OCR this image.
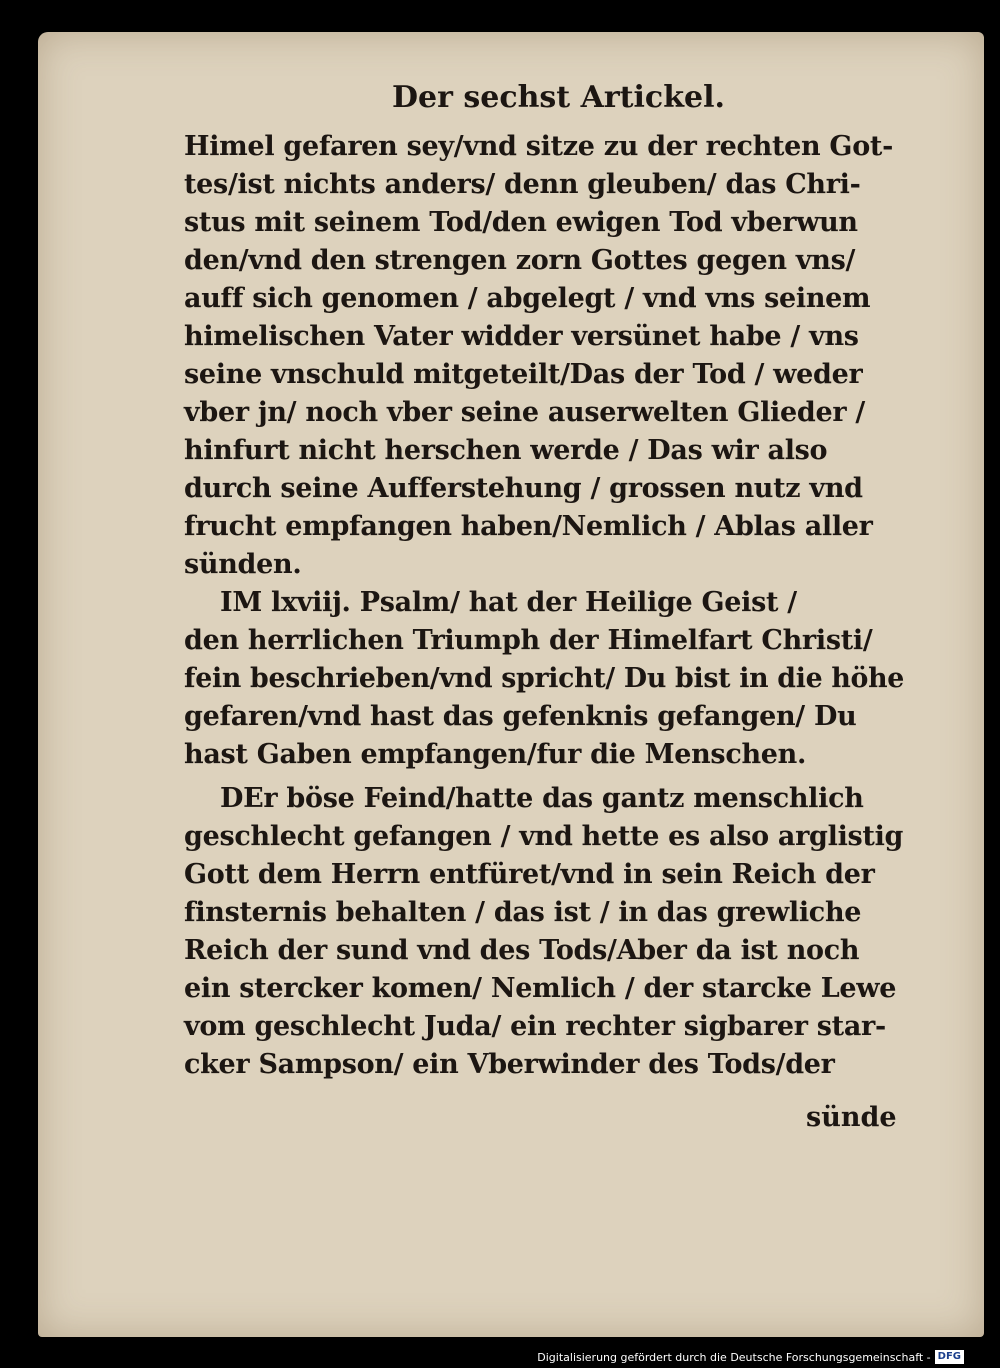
Der sechst Artickel.
Himel gefaren sey/vnd sitze zu der rechten Got-
tes/ist nichts anders/ denn gleuben/ das Chri-
stus mit seinem Tod/den ewigen Tod vberwun
den/vnd den strengen zorn Gottes gegen vns/
auff sich genomen / abgelegt / vnd vns seinem
himelischen Vater widder versünet habe / vns
seine vnschuld mitgeteilt/Das der Tod / weder
vber jn/ noch vber seine auserwelten Glieder /
hinfurt nicht herschen werde / Das wir also
durch seine Aufferstehung / grossen nutz vnd
frucht empfangen haben/Nemlich / Ablas aller
sünden.
IM lxviij. Psalm/ hat der Heilige Geist /
den herrlichen Triumph der Himelfart Christi/
fein beschrieben/vnd spricht/ Du bist in die höhe
gefaren/vnd hast das gefenknis gefangen/ Du
hast Gaben empfangen/fur die Menschen.
DEr böse Feind/hatte das gantz menschlich
geschlecht gefangen / vnd hette es also arglistig
Gott dem Herrn entfüret/vnd in sein Reich der
finsternis behalten / das ist / in das grewliche
Reich der sund vnd des Tods/Aber da ist noch
ein stercker komen/ Nemlich / der starcke Lewe
vom geschlecht Juda/ ein rechter sigbarer star-
cker Sampson/ ein Vberwinder des Tods/der
sünde
Digitalisierung gefördert durch die Deutsche Forschungsgemeinschaft - DFG
